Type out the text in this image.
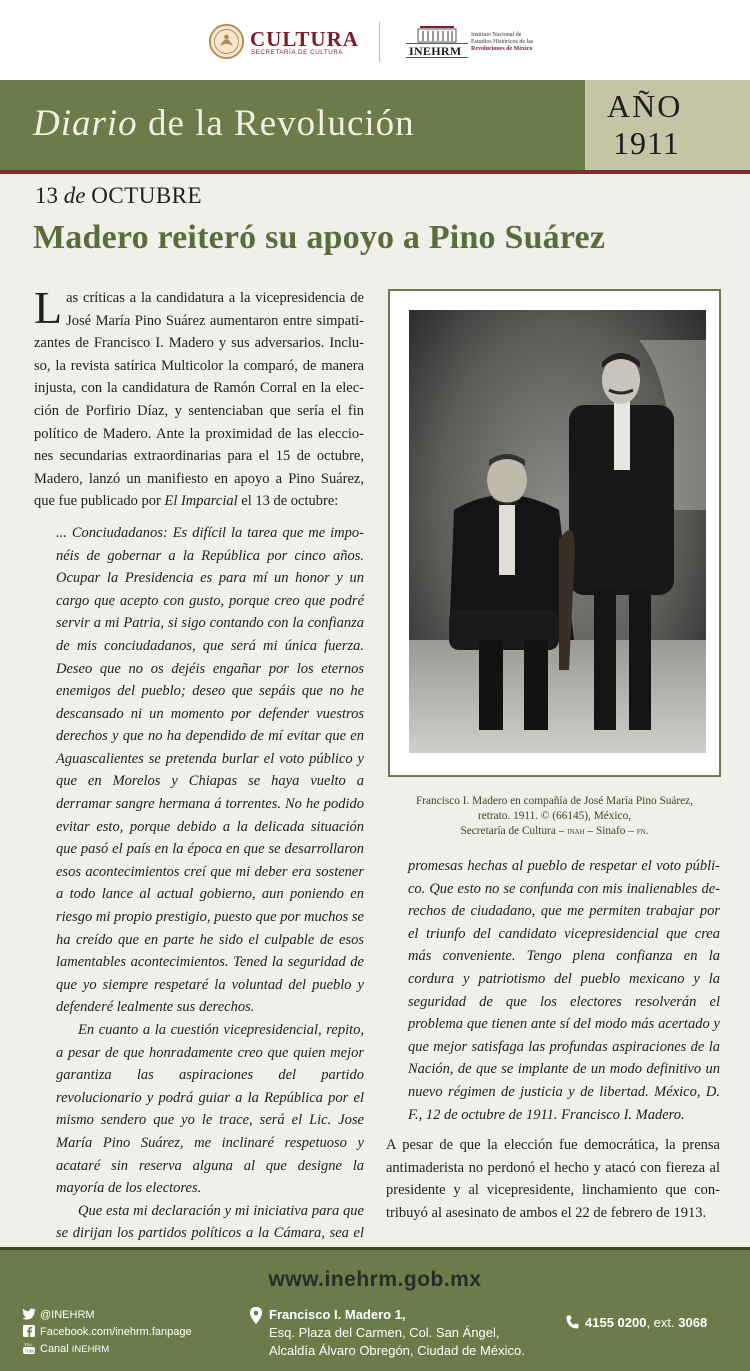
CULTURA
SECRETARÍA DE CULTURA	INEHRM
Instituto Nacional de
Estudios Históricos de las
Revoluciones de México
Diario de la Revolución	AÑO
1911
13 de OCTUBRE
Madero reiteró su apoyo a Pino Suárez

Las críticas a la candidatura a la vicepresidencia de José María Pino Suárez aumentaron entre simpatizantes de Francisco I. Madero y sus adversarios. Incluso, la revista satírica Multicolor la comparó, de manera injusta, con la candidatura de Ramón Corral en la elección de Porfirio Díaz, y sentenciaban que sería el fin político de Madero. Ante la proximidad de las elecciones secundarias extraordinarias para el 15 de octubre, Madero, lanzó un manifiesto en apoyo a Pino Suárez, que fue publicado por El Imparcial el 13 de octubre:

... Conciudadanos: Es difícil la tarea que me imponéis de gobernar a la República por cinco años. Ocupar la Presidencia es para mí un honor y un cargo que acepto con gusto, porque creo que podré servir a mi Patria, si sigo contando con la confianza de mis conciudadanos, que será mi única fuerza. Deseo que no os dejéis engañar por los eternos enemigos del pueblo; deseo que sepáis que no he descansado ni un momento por defender vuestros derechos y que no ha dependido de mí evitar que en Aguascalientes se pretenda burlar el voto público y que en Morelos y Chiapas se haya vuelto a derramar sangre hermana á torrentes. No he podido evitar esto, porque debido a la delicada situación que pasó el país en la época en que se desarrollaron esos acontecimientos creí que mi deber era sostener a todo lance al actual gobierno, aun poniendo en riesgo mi propio prestigio, puesto que por muchos se ha creído que en parte he sido el culpable de esos lamentables acontecimientos. Tened la seguridad de que yo siempre respetaré la voluntad del pueblo y defenderé lealmente sus derechos.

En cuanto a la cuestión vicepresidencial, repito, a pesar de que honradamente creo que quien mejor garantiza las aspiraciones del partido revolucionario y podrá guiar a la República por el mismo sendero que yo le trace, será el Lic. Jose María Pino Suárez, me inclinaré respetuoso y acataré sin reserva alguna al que designe la mayoría de los electores.

Que esta mi declaración y mi iniciativa para que se dirijan los partidos políticos a la Cámara, sea el

Francisco I. Madero en compañía de José María Pino Suárez,
retrato. 1911. © (66145), México,
Secretaría de Cultura – inah – Sinafo – fn.

promesas hechas al pueblo de respetar el voto público. Que esto no se confunda con mis inalienables derechos de ciudadano, que me permiten trabajar por el triunfo del candidato vicepresidencial que crea más conveniente. Tengo plena confianza en la cordura y patriotismo del pueblo mexicano y la seguridad de que los electores resolverán el problema que tienen ante sí del modo más acertado y que mejor satisfaga las profundas aspiraciones de la Nación, de que se implante de un modo definitivo un nuevo régimen de justicia y de libertad. México, D. F., 12 de octubre de 1911. Francisco I. Madero.

A pesar de que la elección fue democrática, la prensa antimaderista no perdonó el hecho y atacó con fiereza al presidente y al vicepresidente, linchamiento que contribuyó al asesinato de ambos el 22 de febrero de 1913.

www.inehrm.gob.mx
@INEHRM
Facebook.com/inehrm.fanpage
You
Tube Canal INEHRM
Francisco I. Madero 1,
Esq. Plaza del Carmen, Col. San Ángel,
Alcaldía Álvaro Obregón, Ciudad de México.
4155 0200, ext. 3068
